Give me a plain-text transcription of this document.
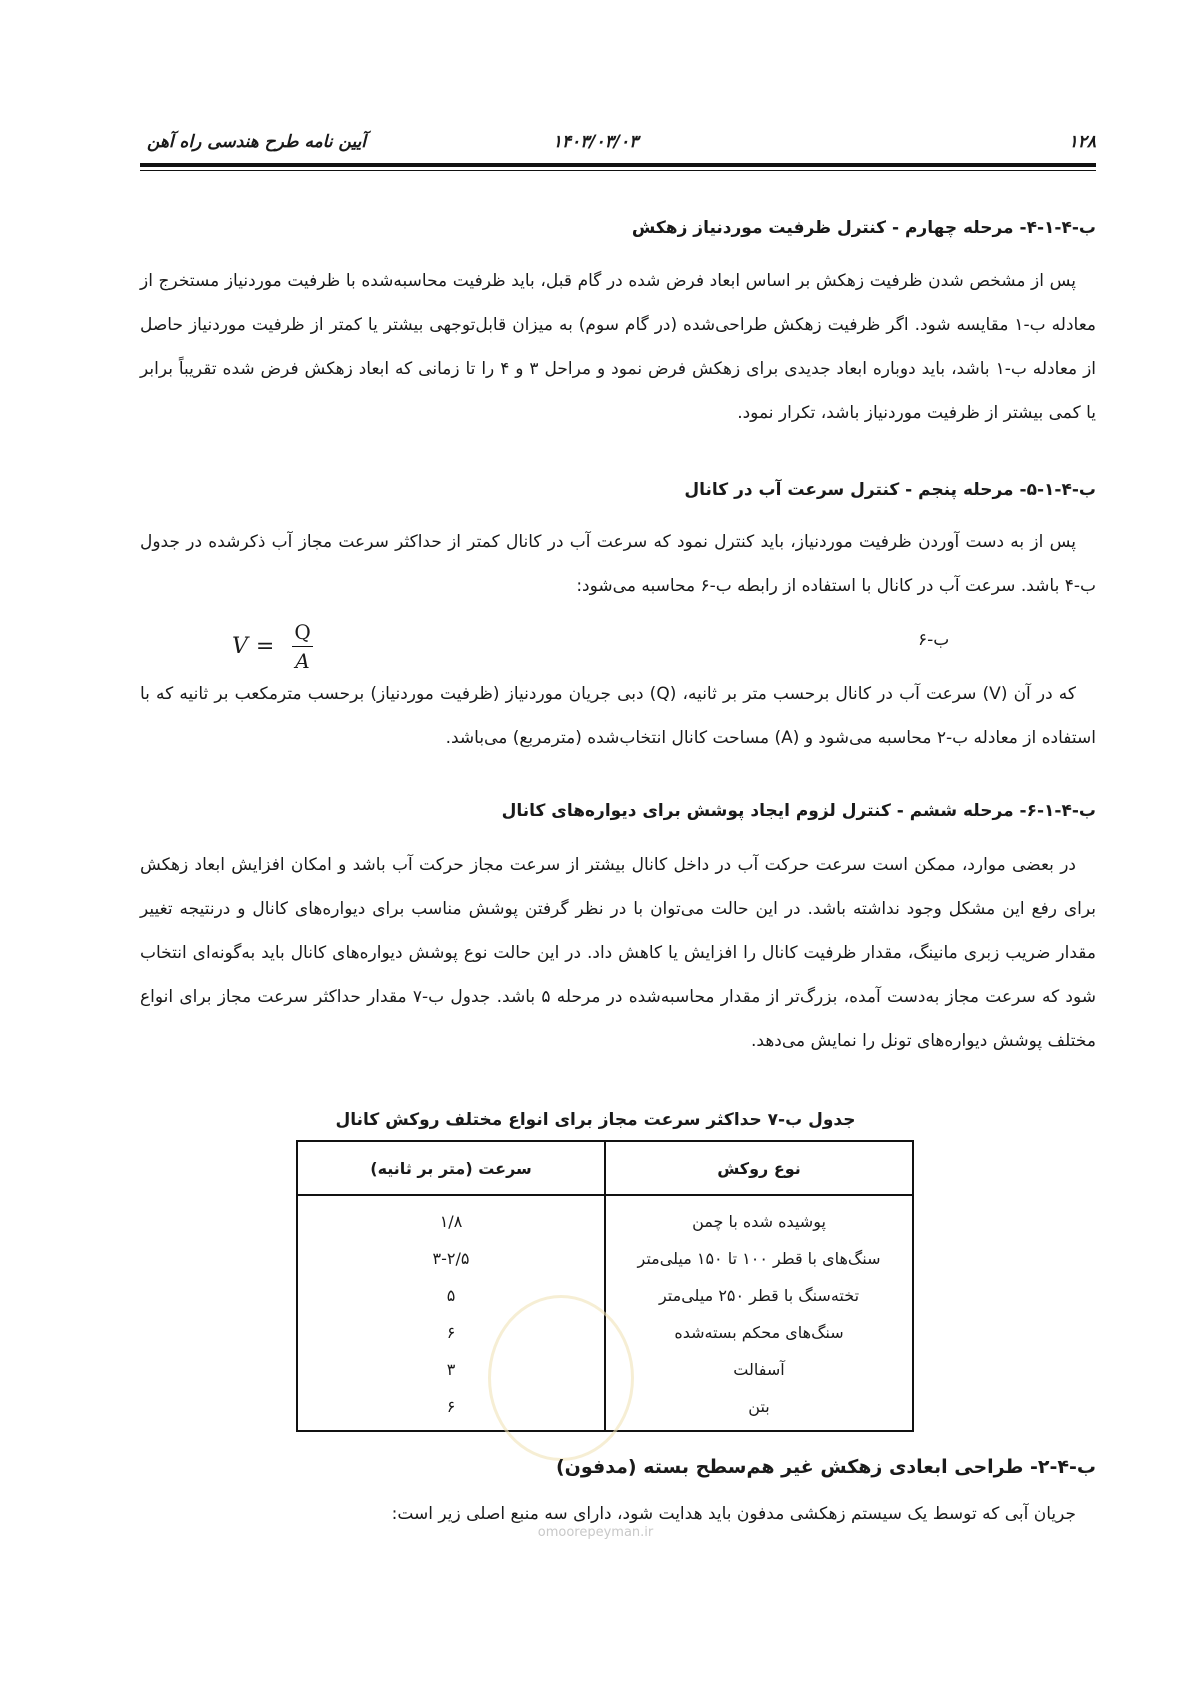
۱۲۸
۱۴۰۳/۰۳/۰۳
آیین نامه طرح هندسی راه آهن
ب-۴-۱-۴- مرحله چهارم - کنترل ظرفیت موردنیاز زهکش
پس از مشخص شدن ظرفیت زهکش بر اساس ابعاد فرض شده در گام قبل، باید ظرفیت محاسبه‌شده با ظرفیت موردنیاز مستخرج از معادله ب-۱ مقایسه شود. اگر ظرفیت زهکش طراحی‌شده (در گام سوم) به میزان قابل‌توجهی بیشتر یا کمتر از ظرفیت موردنیاز حاصل از معادله ب-۱ باشد، باید دوباره ابعاد جدیدی برای زهکش فرض نمود و مراحل ۳ و ۴ را تا زمانی که ابعاد زهکش فرض شده تقریباً برابر یا کمی بیشتر از ظرفیت موردنیاز باشد، تکرار نمود.
ب-۴-۱-۵- مرحله پنجم - کنترل سرعت آب در کانال
پس از به دست آوردن ظرفیت موردنیاز، باید کنترل نمود که سرعت آب در کانال کمتر از حداکثر سرعت مجاز آب ذکرشده در جدول ب-۴ باشد. سرعت آب در کانال با استفاده از رابطه ب-۶ محاسبه می‌شود:
$V = \frac{Q}{A}$	ب-۶
که در آن (V) سرعت آب در کانال برحسب متر بر ثانیه، (Q) دبی جریان موردنیاز (ظرفیت موردنیاز) برحسب مترمکعب بر ثانیه که با استفاده از معادله ب-۲ محاسبه می‌شود و (A) مساحت کانال انتخاب‌شده (مترمربع) می‌باشد.
ب-۴-۱-۶- مرحله ششم - کنترل لزوم ایجاد پوشش برای دیواره‌های کانال
در بعضی موارد، ممکن است سرعت حرکت آب در داخل کانال بیشتر از سرعت مجاز حرکت آب باشد و امکان افزایش ابعاد زهکش برای رفع این مشکل وجود نداشته باشد. در این حالت می‌توان با در نظر گرفتن پوشش مناسب برای دیواره‌های کانال و درنتیجه تغییر مقدار ضریب زبری مانینگ، مقدار ظرفیت کانال را افزایش یا کاهش داد. در این حالت نوع پوشش دیواره‌های کانال باید به‌گونه‌ای انتخاب شود که سرعت مجاز به‌دست آمده، بزرگ‌تر از مقدار محاسبه‌شده در مرحله ۵ باشد. جدول ب-۷ مقدار حداکثر سرعت مجاز برای انواع مختلف پوشش دیواره‌های تونل را نمایش می‌دهد.
جدول ب-۷ حداکثر سرعت مجاز برای انواع مختلف روکش کانال
نوع روکش	سرعت (متر بر ثانیه)
پوشیده شده با چمن	۱/۸
سنگ‌های با قطر ۱۰۰ تا ۱۵۰ میلی‌متر	۳-۲/۵
تخته‌سنگ با قطر ۲۵۰ میلی‌متر	۵
سنگ‌های محکم بسته‌شده	۶
آسفالت	۳
بتن	۶
ب-۴-۲- طراحی ابعادی زهکش غیر هم‌سطح بسته (مدفون)
جریان آبی که توسط یک سیستم زهکشی مدفون باید هدایت شود، دارای سه منبع اصلی زیر است:
omoorepeyman.ir
